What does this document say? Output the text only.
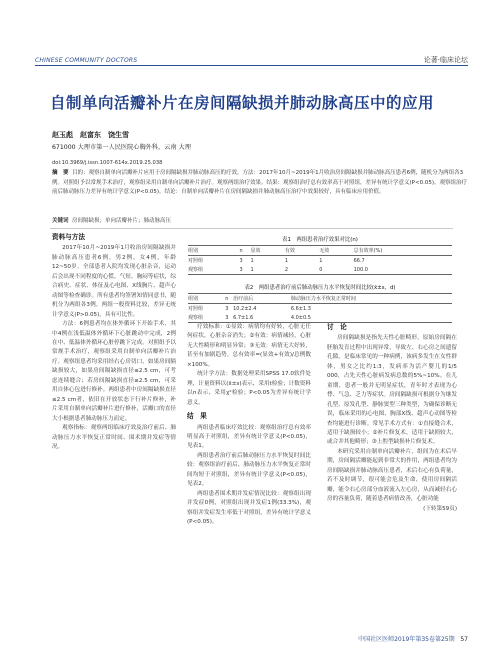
CHINESE COMMUNITY DOCTORS	论著·临床论坛
自制单向活瓣补片在房间隔缺损并肺动脉高压中的应用
赵玉彪　赵富东　饶生雪
671000 大理市第一人民医院心胸外科，云南 大理
doi:10.3969/j.issn.1007-614x.2019.25.038
摘　要 目的：观察自制单向活瓣补片应用于房间隔缺损并肺动脉高压的疗效。方法：2017年10月~2019年1月收治房间隔缺损并肺动脉高压患者6例，随机分为两组各3例。对照组予以常规手术治疗，观察组采用自制单向活瓣补片治疗。观察两组治疗效果。结果：观察组治疗总有效率高于对照组，差异有统计学意义(P<0.05)。观察组治疗前后肺动脉压力差异有统计学意义(P<0.05)。结论：自制单向活瓣补片在房间隔缺损并肺动脉高压治疗中效果较好，具有临床应用价值。
关键词 房间隔缺损；单向活瓣补片；肺动脉高压
资料与方法

2017年10月~2019年1月收治房间隔缺损并肺动脉高压患者6例，男2例，女4例，年龄12~50岁。全部患者入院均发现心脏杂音，运动后会出现不同程度的心慌、气短、胸闷等症状，综合病史、症状、体征及心电图、X线胸片、超声心动图等检查确诊。所有患者均签署知情同意书，随机分为两组各3例。两组一般资料比较，差异无统计学意义(P>0.05)，具有可比性。

方法：6例患者均在体外循环下开始手术，其中4例在浅低温体外循环下心脏跳动中完成，2例在中、低温体外循环心脏停跳下完成。对照组予以常规手术治疗，观察组采用自制单向活瓣补片治疗。观察组患者均采用经右心房切口，如果房间隔缺损较大，如果房间隔缺损直径≤2.5 cm，可考虑连续缝合；若房间隔缺损直径≥2.5 cm，可采用自体心包进行修补。两组患者中房间隔缺损直径≤2.5 cm者，依旧在开放状态下行补片修补，补片采用自制单向活瓣补片进行修补，活瓣口的直径大小根据患者肺动脉压力而定。

观察指标：观察两组临床疗效及治疗前后、肺动脉压力水平恢复正常时间、围术期并发症等情况。

表1　两组患者治疗效果对比(n)
组别	n	显效	有效	无效	总有效率(%)
对照组	3	1	1	1	66.7
观察组	3	1	2	0	100.0
表2　两组患者治疗前后肺动脉压力水平恢复时间比较(x̄±s，d)
组别	n	治疗前后	肺动脉压力水平恢复正常时间
对照组	3	10.2±2.4	6.6±1.3
观察组	3	6.7±1.6	4.0±0.5

疗效标准：①显效：病情均有好转，心脏无任何症状，心脏杂音消失；②有效：病情减轻，心脏无大性畸形和明显异常；③无效：病情无大好转，甚至有加剧趋势。总有效率=(显效+有效)/总例数×100%。

统计学方法：数据处理采用SPSS 17.0软件处理，计量资料以(x̄±s)表示，采用t检验；计数资料以n表示，采用χ²检验；P<0.05为差异有统计学意义。

结　果

两组患者临床疗效比较：观察组治疗总有效率明显高于对照组，差异有统计学意义(P<0.05)，见表1。

两组患者治疗前后肺动脉压力水平恢复时间比较：观察组治疗前后、肺动脉压力水平恢复正常时间均短于对照组，差异有统计学意义(P<0.05)，见表2。

两组患者围术期并发症情况比较：观察组出现并发症0例，对照组出现并发症1例(33.3%)，观察组并发症发生率低于对照组，差异有统计学意义(P<0.05)。

讨　论

房间隔缺损是指先天性心脏畸形，原始房间隔在胚胎发育过程中出现异常，导致左、右心房之间遗留孔隙，是临床常见的一种病例，该病多发生在女性群体，男女之比约1:3，发病率为活产婴儿的1/5 000，占先天性心脏病发病总数的5%~10%。在儿童期，患者一般并无明显症状，青年时才表现为心悸、气急、乏力等症状。房间隔缺损可根据分为继发孔型、原发孔型、静脉窦型三种类型，为确保诊断无误，临床采用的心电图、胸部X线、超声心动图等检查均能进行诊断。常见手术方式有：①直接缝合术，适用于缺损较小；②补片修复术，适用于缺损较大，或合并其他畸形；③上腔型缺损补片修复术。

本研究采用自制单向活瓣补片，组间为在术后早期，房间隔活瓣能起到非常大的作用，两组患者均为房间隔缺损并肺动脉高压患者，术后右心有负荷量，若不及时调节，很可能会危及生命，使用房间隔活瓣，能令右心房部分血液流入左心房，从而减轻右心房的容量负荷，随着患者病情改善，心脏功能

(下转第59页)
中国社区医师2019年第35卷第25期 57
